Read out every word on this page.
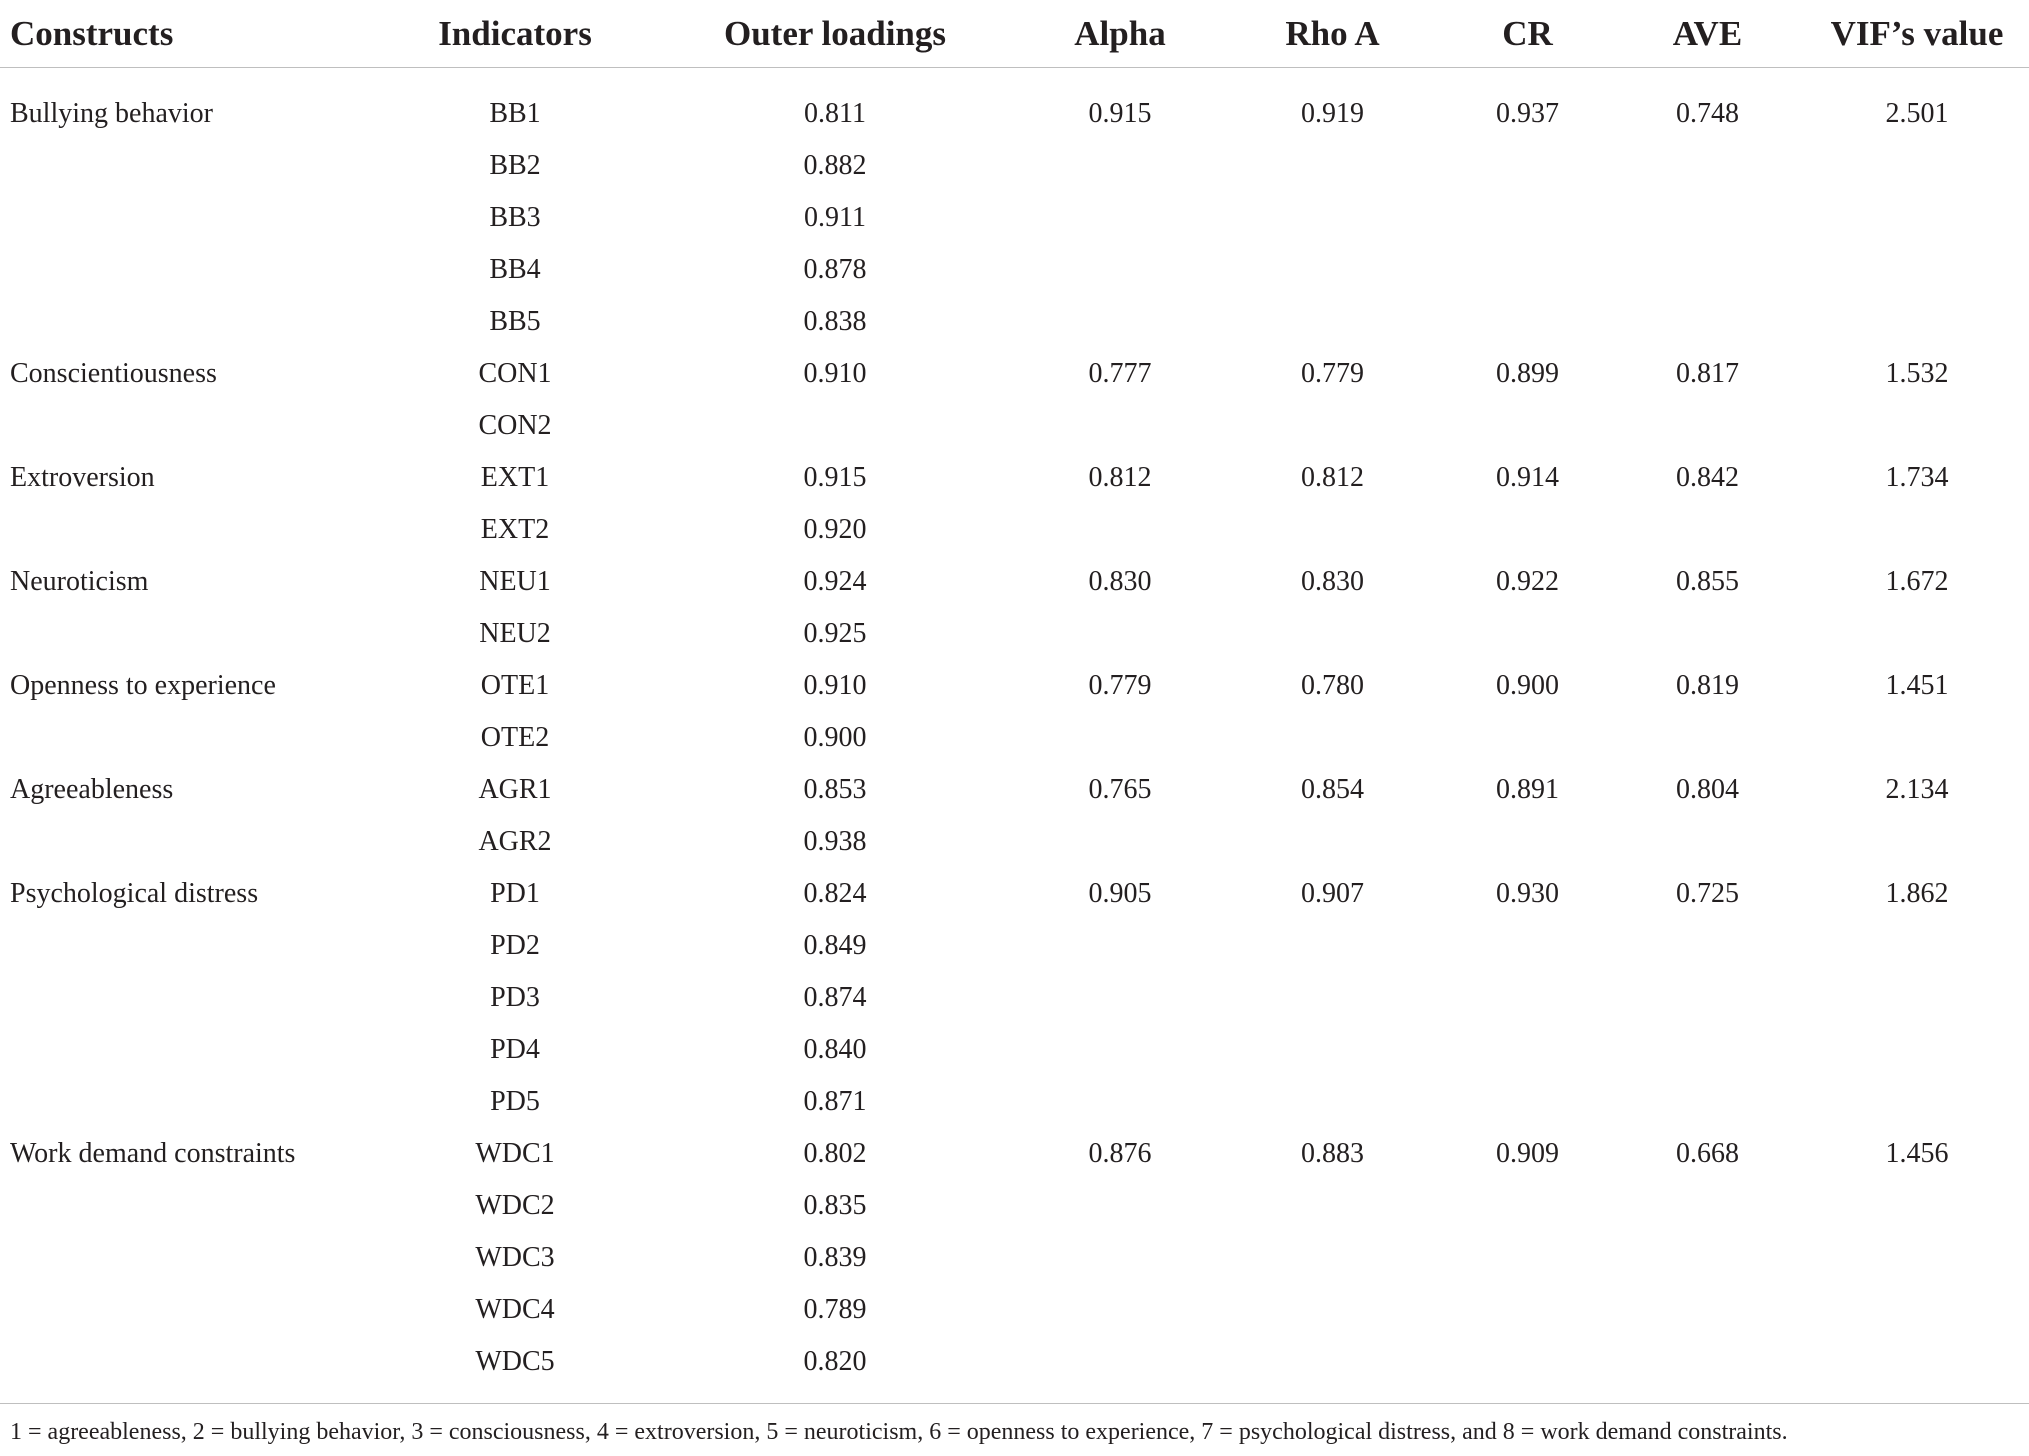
Constructs	Indicators	Outer loadings	Alpha	Rho A	CR	AVE	VIF’s value
Bullying behavior	BB1	0.811	0.915	0.919	0.937	0.748	2.501
	BB2	0.882					
	BB3	0.911					
	BB4	0.878					
	BB5	0.838					
Conscientiousness	CON1	0.910	0.777	0.779	0.899	0.817	1.532
	CON2						
Extroversion	EXT1	0.915	0.812	0.812	0.914	0.842	1.734
	EXT2	0.920					
Neuroticism	NEU1	0.924	0.830	0.830	0.922	0.855	1.672
	NEU2	0.925					
Openness to experience	OTE1	0.910	0.779	0.780	0.900	0.819	1.451
	OTE2	0.900					
Agreeableness	AGR1	0.853	0.765	0.854	0.891	0.804	2.134
	AGR2	0.938					
Psychological distress	PD1	0.824	0.905	0.907	0.930	0.725	1.862
	PD2	0.849					
	PD3	0.874					
	PD4	0.840					
	PD5	0.871					
Work demand constraints	WDC1	0.802	0.876	0.883	0.909	0.668	1.456
	WDC2	0.835					
	WDC3	0.839					
	WDC4	0.789					
	WDC5	0.820					
1 = agreeableness, 2 = bullying behavior, 3 = consciousness, 4 = extroversion, 5 = neuroticism, 6 = openness to experience, 7 = psychological distress, and 8 = work demand constraints.
